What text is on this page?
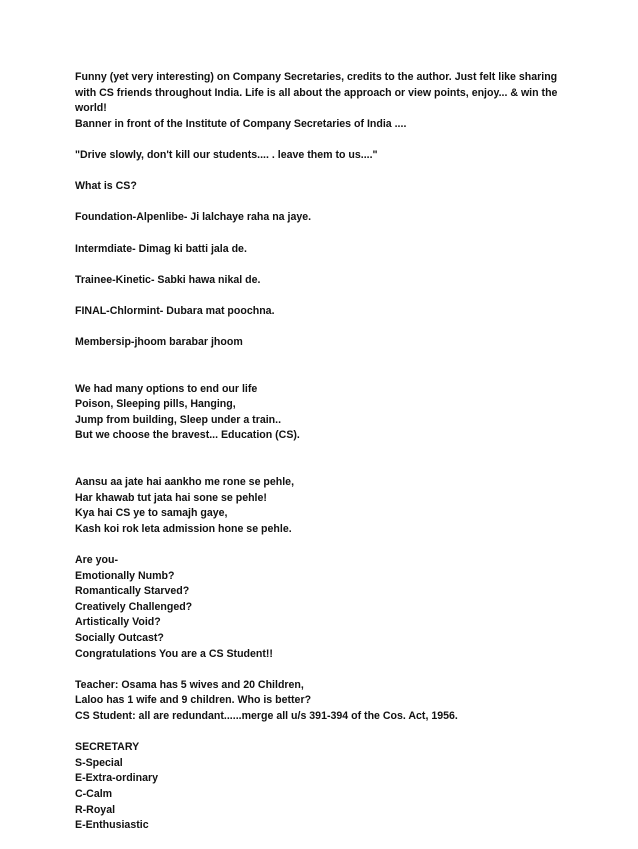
Funny (yet very interesting) on Company Secretaries, credits to the author. Just felt like sharing
with CS friends throughout India. Life is all about the approach or view points, enjoy... & win the
world!
Banner in front of the Institute of Company Secretaries of India ....
"Drive slowly, don't kill our students.... . leave them to us...."
What is CS?
Foundation-Alpenlibe- Ji lalchaye raha na jaye.
Intermdiate- Dimag ki batti jala de.
Trainee-Kinetic- Sabki hawa nikal de.
FINAL-Chlormint- Dubara mat poochna.
Membersip-jhoom barabar jhoom
We had many options to end our life
Poison, Sleeping pills, Hanging,
Jump from building, Sleep under a train..
But we choose the bravest... Education (CS).
Aansu aa jate hai aankho me rone se pehle,
Har khawab tut jata hai sone se pehle!
Kya hai CS ye to samajh gaye,
Kash koi rok leta admission hone se pehle.
Are you-
Emotionally Numb?
Romantically Starved?
Creatively Challenged?
Artistically Void?
Socially Outcast?
Congratulations You are a CS Student!!
Teacher: Osama has 5 wives and 20 Children,
Laloo has 1 wife and 9 children. Who is better?
CS Student: all are redundant......merge all u/s 391-394 of the Cos. Act, 1956.
SECRETARY
S-Special
E-Extra-ordinary
C-Calm
R-Royal
E-Enthusiastic
